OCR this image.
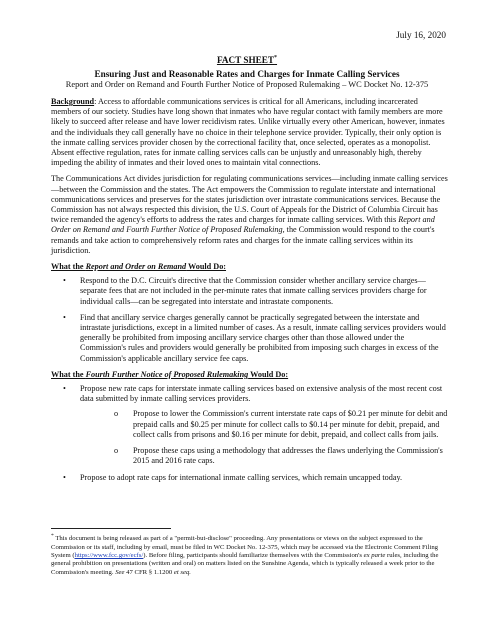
July 16, 2020
FACT SHEET*
Ensuring Just and Reasonable Rates and Charges for Inmate Calling Services
Report and Order on Remand and Fourth Further Notice of Proposed Rulemaking – WC Docket No. 12-375

Background: Access to affordable communications services is critical for all Americans, including incarcerated members of our society. Studies have long shown that inmates who have regular contact with family members are more likely to succeed after release and have lower recidivism rates. Unlike virtually every other American, however, inmates and the individuals they call generally have no choice in their telephone service provider. Typically, their only option is the inmate calling services provider chosen by the correctional facility that, once selected, operates as a monopolist. Absent effective regulation, rates for inmate calling services calls can be unjustly and unreasonably high, thereby impeding the ability of inmates and their loved ones to maintain vital connections.

The Communications Act divides jurisdiction for regulating communications services—including inmate calling services—between the Commission and the states. The Act empowers the Commission to regulate interstate and international communications services and preserves for the states jurisdiction over intrastate communications services. Because the Commission has not always respected this division, the U.S. Court of Appeals for the District of Columbia Circuit has twice remanded the agency's efforts to address the rates and charges for inmate calling services. With this Report and Order on Remand and Fourth Further Notice of Proposed Rulemaking, the Commission would respond to the court's remands and take action to comprehensively reform rates and charges for the inmate calling services within its jurisdiction.

What the Report and Order on Remand Would Do:
• Respond to the D.C. Circuit's directive that the Commission consider whether ancillary service charges—separate fees that are not included in the per-minute rates that inmate calling services providers charge for individual calls—can be segregated into interstate and intrastate components.
• Find that ancillary service charges generally cannot be practically segregated between the interstate and intrastate jurisdictions, except in a limited number of cases. As a result, inmate calling services providers would generally be prohibited from imposing ancillary service charges other than those allowed under the Commission's rules and providers would generally be prohibited from imposing such charges in excess of the Commission's applicable ancillary service fee caps.
What the Fourth Further Notice of Proposed Rulemaking Would Do:
• Propose new rate caps for interstate inmate calling services based on extensive analysis of the most recent cost data submitted by inmate calling services providers.
o Propose to lower the Commission's current interstate rate caps of $0.21 per minute for debit and prepaid calls and $0.25 per minute for collect calls to $0.14 per minute for debit, prepaid, and collect calls from prisons and $0.16 per minute for debit, prepaid, and collect calls from jails.
o Propose these caps using a methodology that addresses the flaws underlying the Commission's 2015 and 2016 rate caps.
• Propose to adopt rate caps for international inmate calling services, which remain uncapped today.
* This document is being released as part of a "permit-but-disclose" proceeding. Any presentations or views on the subject expressed to the Commission or its staff, including by email, must be filed in WC Docket No. 12-375, which may be accessed via the Electronic Comment Filing System (https://www.fcc.gov/ecfs/). Before filing, participants should familiarize themselves with the Commission's ex parte rules, including the general prohibition on presentations (written and oral) on matters listed on the Sunshine Agenda, which is typically released a week prior to the Commission's meeting. See 47 CFR § 1.1200 et seq.
